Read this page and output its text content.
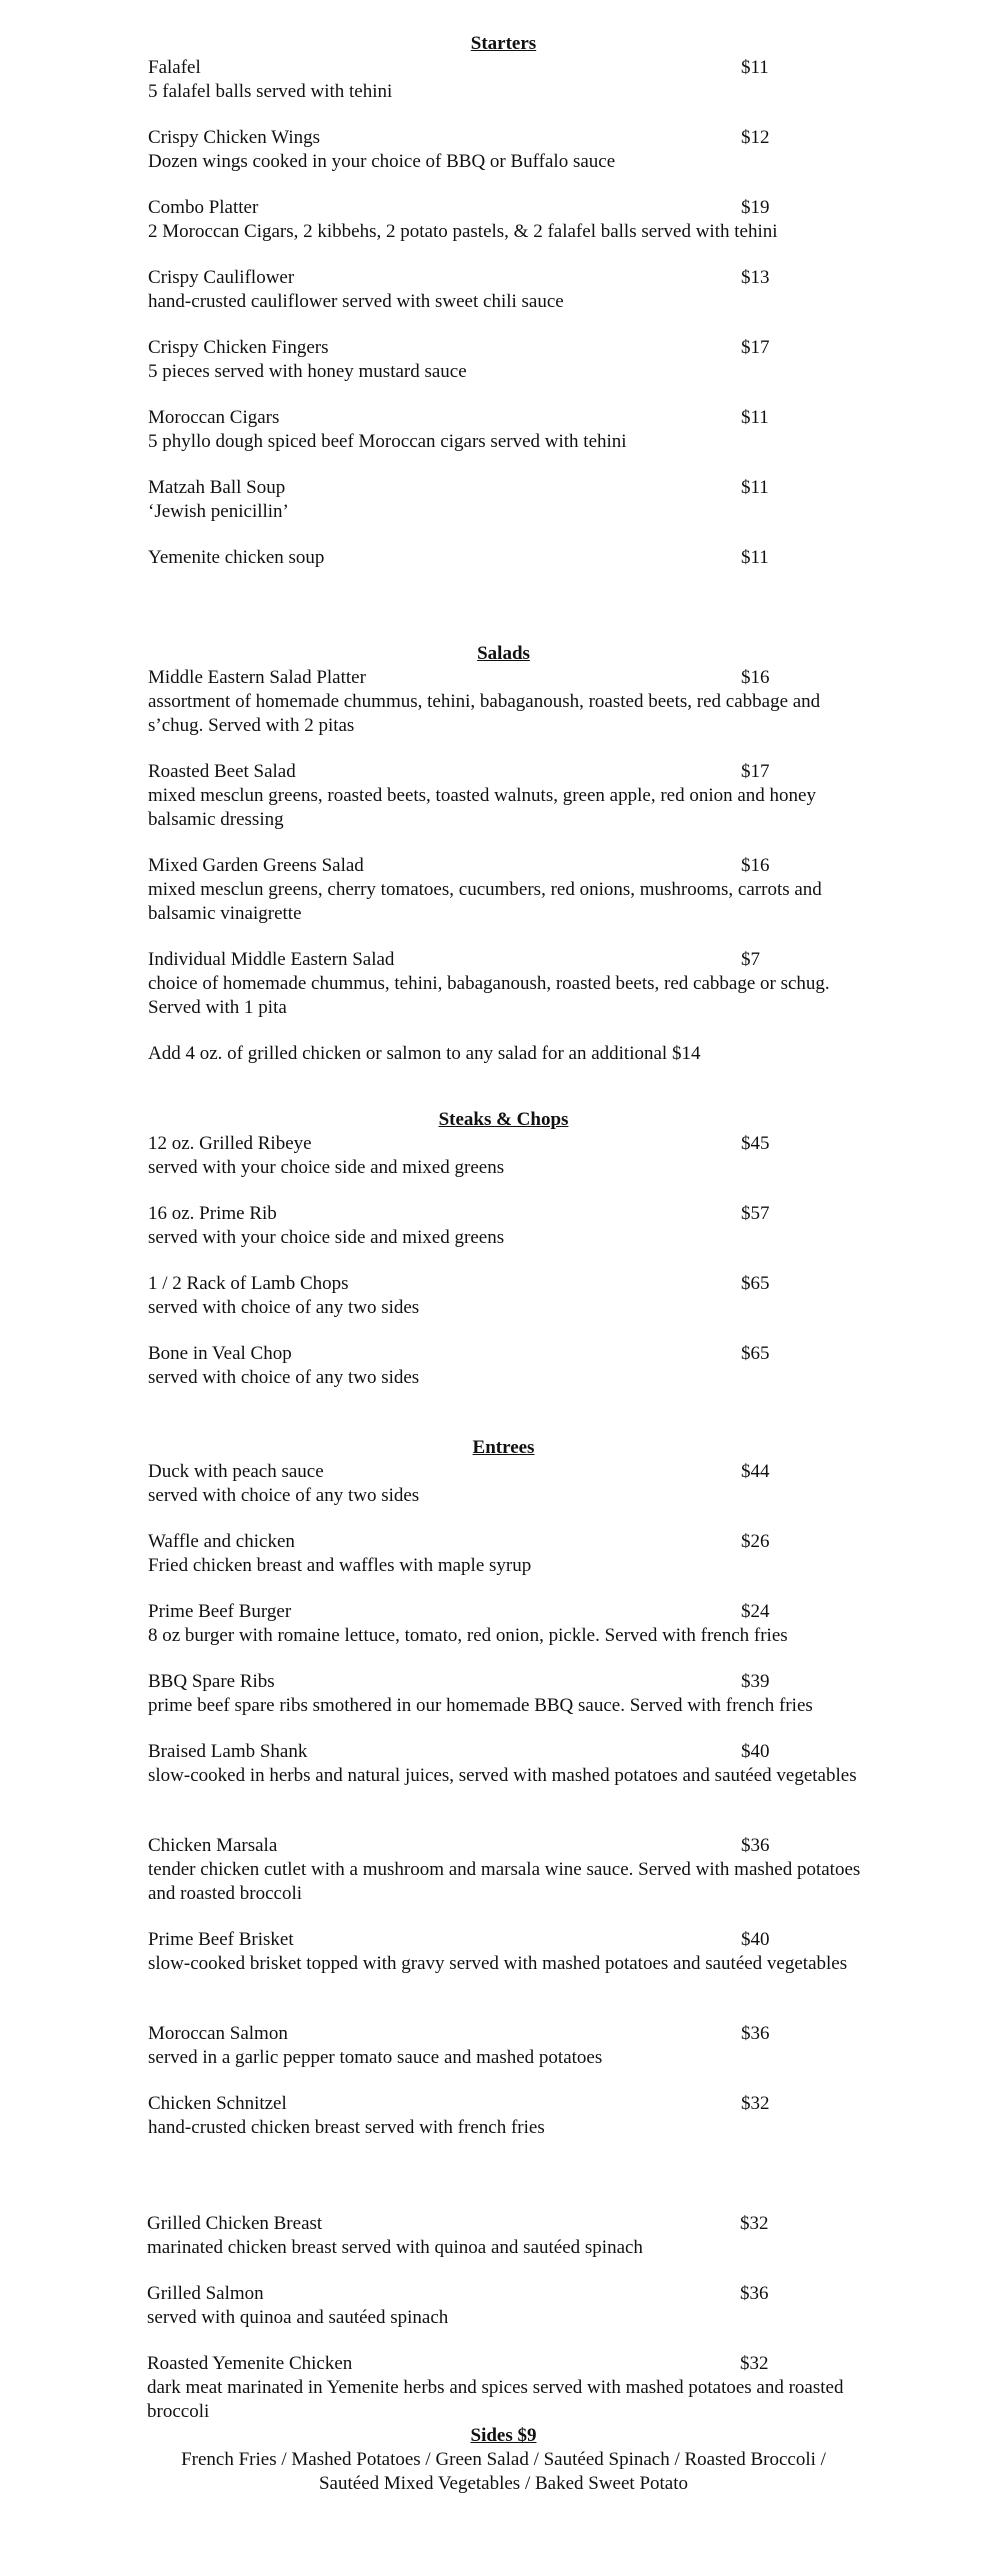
Starters
Falafel	$11
5 falafel balls served with tehini
Crispy Chicken Wings	$12
Dozen wings cooked in your choice of BBQ or Buffalo sauce
Combo Platter	$19
2 Moroccan Cigars, 2 kibbehs, 2 potato pastels, & 2 falafel balls served with tehini
Crispy Cauliflower	$13
hand-crusted cauliflower served with sweet chili sauce
Crispy Chicken Fingers	$17
5 pieces served with honey mustard sauce
Moroccan Cigars	$11
5 phyllo dough spiced beef Moroccan cigars served with tehini
Matzah Ball Soup	$11
‘Jewish penicillin’
Yemenite chicken soup	$11
Salads
Middle Eastern Salad Platter	$16
assortment of homemade chummus, tehini, babaganoush, roasted beets, red cabbage and s’chug. Served with 2 pitas
Roasted Beet Salad	$17
mixed mesclun greens, roasted beets, toasted walnuts, green apple, red onion and honey balsamic dressing
Mixed Garden Greens Salad	$16
mixed mesclun greens, cherry tomatoes, cucumbers, red onions, mushrooms, carrots and balsamic vinaigrette
Individual Middle Eastern Salad	$7
choice of homemade chummus, tehini, babaganoush, roasted beets, red cabbage or schug. Served with 1 pita
Add 4 oz. of grilled chicken or salmon to any salad for an additional $14
Steaks & Chops
12 oz. Grilled Ribeye	$45
served with your choice side and mixed greens
16 oz. Prime Rib	$57
served with your choice side and mixed greens
1 / 2 Rack of Lamb Chops	$65
served with choice of any two sides
Bone in Veal Chop	$65
served with choice of any two sides
Entrees
Duck with peach sauce	$44
served with choice of any two sides
Waffle and chicken	$26
Fried chicken breast and waffles with maple syrup
Prime Beef Burger	$24
8 oz burger with romaine lettuce, tomato, red onion, pickle. Served with french fries
BBQ Spare Ribs	$39
prime beef spare ribs smothered in our homemade BBQ sauce. Served with french fries
Braised Lamb Shank	$40
slow-cooked in herbs and natural juices, served with mashed potatoes and sautéed vegetables
Chicken Marsala	$36
tender chicken cutlet with a mushroom and marsala wine sauce. Served with mashed potatoes and roasted broccoli
Prime Beef Brisket	$40
slow-cooked brisket topped with gravy served with mashed potatoes and sautéed vegetables
Moroccan Salmon	$36
served in a garlic pepper tomato sauce and mashed potatoes
Chicken Schnitzel	$32
hand-crusted chicken breast served with french fries
Grilled Chicken Breast	$32
marinated chicken breast served with quinoa and sautéed spinach
Grilled Salmon	$36
served with quinoa and sautéed spinach
Roasted Yemenite Chicken	$32
dark meat marinated in Yemenite herbs and spices served with mashed potatoes and roasted broccoli
Sides $9
French Fries / Mashed Potatoes / Green Salad / Sautéed Spinach / Roasted Broccoli /
Sautéed Mixed Vegetables / Baked Sweet Potato
